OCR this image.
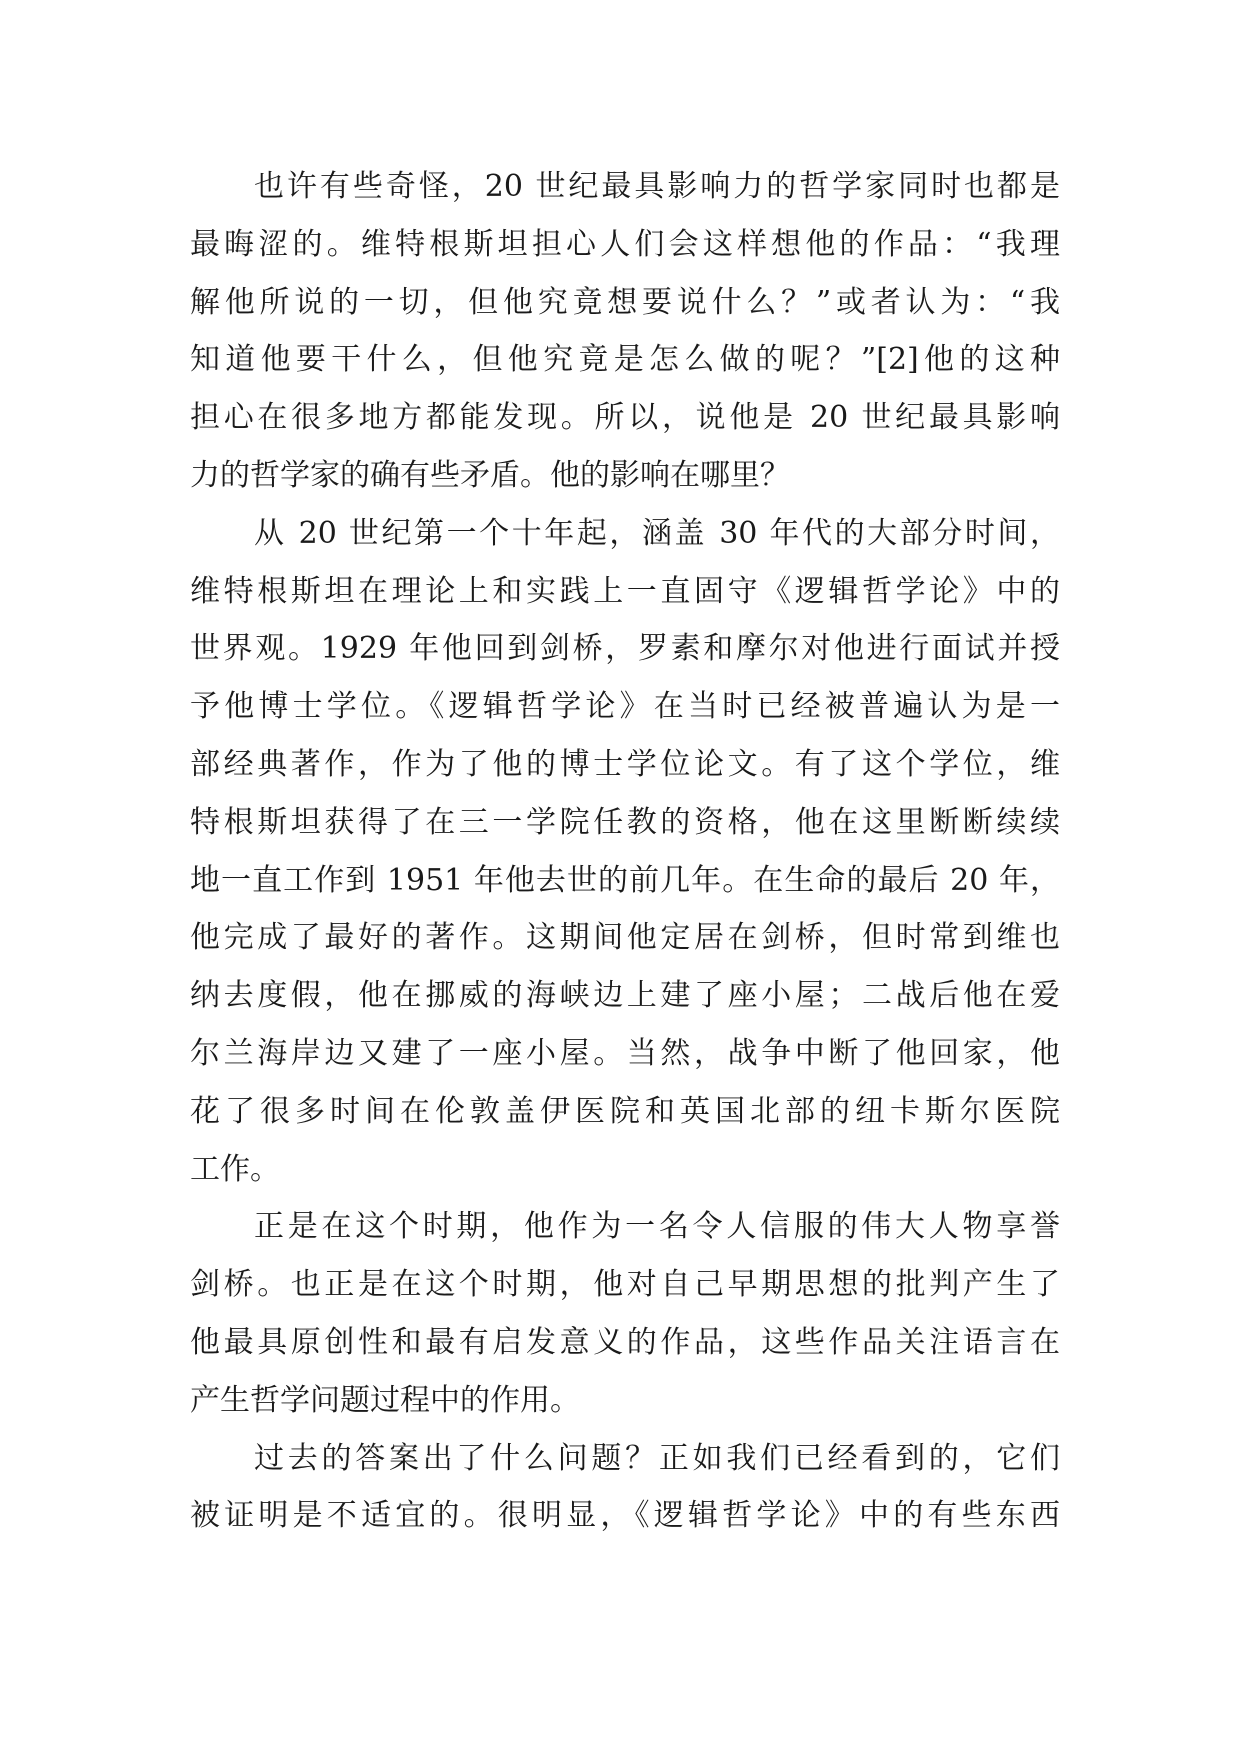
也许有些奇怪，20 世纪最具影响力的哲学家同时也都是
最晦涩的。维特根斯坦担心人们会这样想他的作品：“我理
解他所说的一切，但他究竟想要说什么？”或者认为：“我
知道他要干什么，但他究竟是怎么做的呢？”[2]他的这种
担心在很多地方都能发现。所以，说他是 20 世纪最具影响
力的哲学家的确有些矛盾。他的影响在哪里？
从 20 世纪第一个十年起，涵盖 30 年代的大部分时间，
维特根斯坦在理论上和实践上一直固守《逻辑哲学论》中的
世界观。1929 年他回到剑桥，罗素和摩尔对他进行面试并授
予他博士学位。《逻辑哲学论》在当时已经被普遍认为是一
部经典著作，作为了他的博士学位论文。有了这个学位，维
特根斯坦获得了在三一学院任教的资格，他在这里断断续续
地一直工作到 1951 年他去世的前几年。在生命的最后 20 年，
他完成了最好的著作。这期间他定居在剑桥，但时常到维也
纳去度假，他在挪威的海峡边上建了座小屋；二战后他在爱
尔兰海岸边又建了一座小屋。当然，战争中断了他回家，他
花了很多时间在伦敦盖伊医院和英国北部的纽卡斯尔医院
工作。
正是在这个时期，他作为一名令人信服的伟大人物享誉
剑桥。也正是在这个时期，他对自己早期思想的批判产生了
他最具原创性和最有启发意义的作品，这些作品关注语言在
产生哲学问题过程中的作用。
过去的答案出了什么问题？正如我们已经看到的，它们
被证明是不适宜的。很明显，《逻辑哲学论》中的有些东西
